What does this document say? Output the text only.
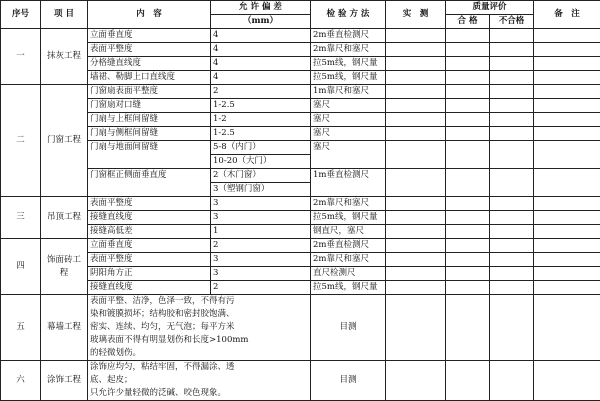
序号	项 目	内　容	允 许 偏 差	检 验 方 法	实　测	质量评价		备　注
			（mm）			合 格	不合格	
一	抹灰工程	立面垂直度	4	2m垂直检测尺				
		表面平整度	4	2m靠尺和塞尺				
		分格缝直线度	4	拉5m线，钢尺量				
		墙裙、勒脚上口直线度	4	拉5m线，钢尺量				
二	门窗工程	门窗扇表面平整度	2	1m靠尺和塞尺				
		门窗扇对口缝	1-2.5	塞尺				
		门扇与上框间留缝	1-2	塞尺				
		门扇与侧框间留缝	1-2.5	塞尺				
		门扇与地面间留缝	5-8（内门）	塞尺				
			10-20（大门）					
		门窗框正侧面垂直度	2（木门窗）	1m垂直检测尺				
			3（塑钢门窗）					
三	吊顶工程	表面平整度	3	2m靠尺和塞尺				
		接缝直线度	3	拉5m线，钢尺量				
		接缝高低差	1	钢直尺，塞尺				
四	饰面砖工程	立面垂直度	2	2m垂直检测尺				
		表面平整度	3	2m靠尺和塞尺				
		阴阳角方正	3	直尺检测尺				
		接缝直线度	2	拉5m线，钢尺量				
五	幕墙工程	表面平整、洁净，色泽一致，不得有污		目测				
		染和镀膜损坏；结构胶和密封胶饱满、						
		密实、连续、均匀，无气泡；每平方米						
		玻璃表面不得有明显划伤和长度>100mm						
		的轻微划伤。						
六	涂饰工程	涂饰应均匀，粘结牢固，不得漏涂、透		目测				
		底、起皮；						
		只允许少量轻微的泛碱、咬色现象。						
